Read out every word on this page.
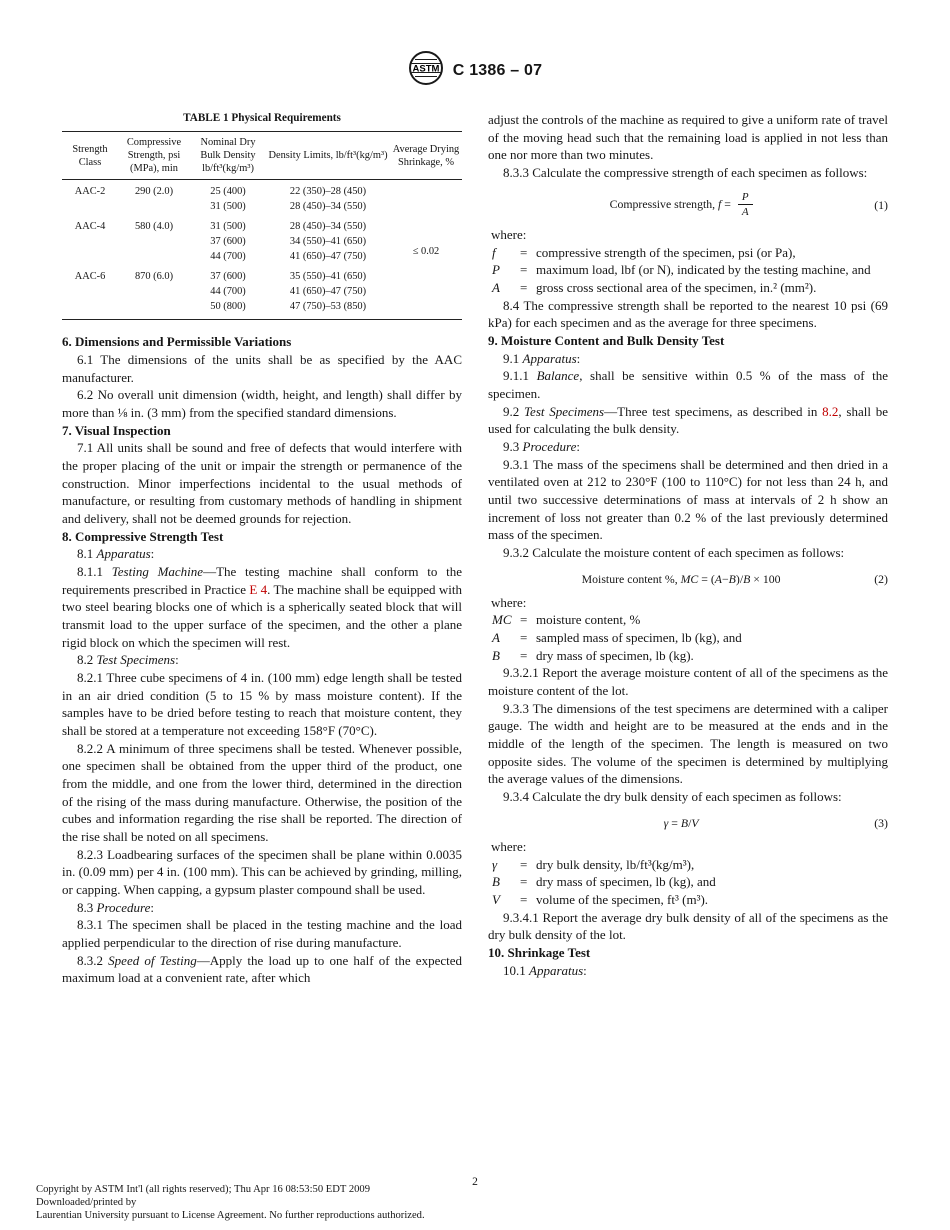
ASTM C 1386 – 07
TABLE 1 Physical Requirements
Strength Class	Compressive Strength, psi (MPa), min	Nominal Dry Bulk Density lb/ft³(kg/m³)	Density Limits, lb/ft³(kg/m³)	Average Drying Shrinkage, %
AAC-2	290 (2.0)	25 (400)	22 (350)–28 (450)	≤ 0.02
		31 (500)	28 (450)–34 (550)	
AAC-4	580 (4.0)	31 (500)	28 (450)–34 (550)	
		37 (600)	34 (550)–41 (650)	
		44 (700)	41 (650)–47 (750)	
AAC-6	870 (6.0)	37 (600)	35 (550)–41 (650)	
		44 (700)	41 (650)–47 (750)	
		50 (800)	47 (750)–53 (850)	

6. Dimensions and Permissible Variations

6.1 The dimensions of the units shall be as specified by the AAC manufacturer.

6.2 No overall unit dimension (width, height, and length) shall differ by more than ⅛ in. (3 mm) from the specified standard dimensions.

7. Visual Inspection

7.1 All units shall be sound and free of defects that would interfere with the proper placing of the unit or impair the strength or permanence of the construction. Minor imperfections incidental to the usual methods of manufacture, or resulting from customary methods of handling in shipment and delivery, shall not be deemed grounds for rejection.

8. Compressive Strength Test

8.1 Apparatus:

8.1.1 Testing Machine—The testing machine shall conform to the requirements prescribed in Practice E 4. The machine shall be equipped with two steel bearing blocks one of which is a spherically seated block that will transmit load to the upper surface of the specimen, and the other a plane rigid block on which the specimen will rest.

8.2 Test Specimens:

8.2.1 Three cube specimens of 4 in. (100 mm) edge length shall be tested in an air dried condition (5 to 15 % by mass moisture content). If the samples have to be dried before testing to reach that moisture content, they shall be stored at a temperature not exceeding 158°F (70°C).

8.2.2 A minimum of three specimens shall be tested. Whenever possible, one specimen shall be obtained from the upper third of the product, one from the middle, and one from the lower third, determined in the direction of the rising of the mass during manufacture. Otherwise, the position of the cubes and information regarding the rise shall be reported. The direction of the rise shall be noted on all specimens.

8.2.3 Loadbearing surfaces of the specimen shall be plane within 0.0035 in. (0.09 mm) per 4 in. (100 mm). This can be achieved by grinding, milling, or capping. When capping, a gypsum plaster compound shall be used.

8.3 Procedure:

8.3.1 The specimen shall be placed in the testing machine and the load applied perpendicular to the direction of rise during manufacture.

8.3.2 Speed of Testing—Apply the load up to one half of the expected maximum load at a convenient rate, after which

adjust the controls of the machine as required to give a uniform rate of travel of the moving head such that the remaining load is applied in not less than one nor more than two minutes.

8.3.3 Calculate the compressive strength of each specimen as follows:

Compressive strength, $f = \frac{P}{A}$	(1)
where:
f	= compressive strength of the specimen, psi (or Pa),
P	= maximum load, lbf (or N), indicated by the testing machine, and
A	= gross cross sectional area of the specimen, in.² (mm²).

8.4 The compressive strength shall be reported to the nearest 10 psi (69 kPa) for each specimen and as the average for three specimens.

9. Moisture Content and Bulk Density Test

9.1 Apparatus:

9.1.1 Balance, shall be sensitive within 0.5 % of the mass of the specimen.

9.2 Test Specimens—Three test specimens, as described in 8.2, shall be used for calculating the bulk density.

9.3 Procedure:

9.3.1 The mass of the specimens shall be determined and then dried in a ventilated oven at 212 to 230°F (100 to 110°C) for not less than 24 h, and until two successive determinations of mass at intervals of 2 h show an increment of loss not greater than 0.2 % of the last previously determined mass of the specimen.

9.3.2 Calculate the moisture content of each specimen as follows:

Moisture content %, MC = (A−B)/B × 100	(2)
where:
MC = moisture content, %
A	= sampled mass of specimen, lb (kg), and
B	= dry mass of specimen, lb (kg).

9.3.2.1 Report the average moisture content of all of the specimens as the moisture content of the lot.

9.3.3 The dimensions of the test specimens are determined with a caliper gauge. The width and height are to be measured at the ends and in the middle of the length of the specimen. The length is measured on two opposite sides. The volume of the specimen is determined by multiplying the average values of the dimensions.

9.3.4 Calculate the dry bulk density of each specimen as follows:

γ = B/V	(3)
where:
γ	= dry bulk density, lb/ft³(kg/m³),
B	= dry mass of specimen, lb (kg), and
V	= volume of the specimen, ft³ (m³).

9.3.4.1 Report the average dry bulk density of all of the specimens as the dry bulk density of the lot.

10. Shrinkage Test

10.1 Apparatus:

2
Copyright by ASTM Int'l (all rights reserved); Thu Apr 16 08:53:50 EDT 2009
Downloaded/printed by
Laurentian University pursuant to License Agreement. No further reproductions authorized.
